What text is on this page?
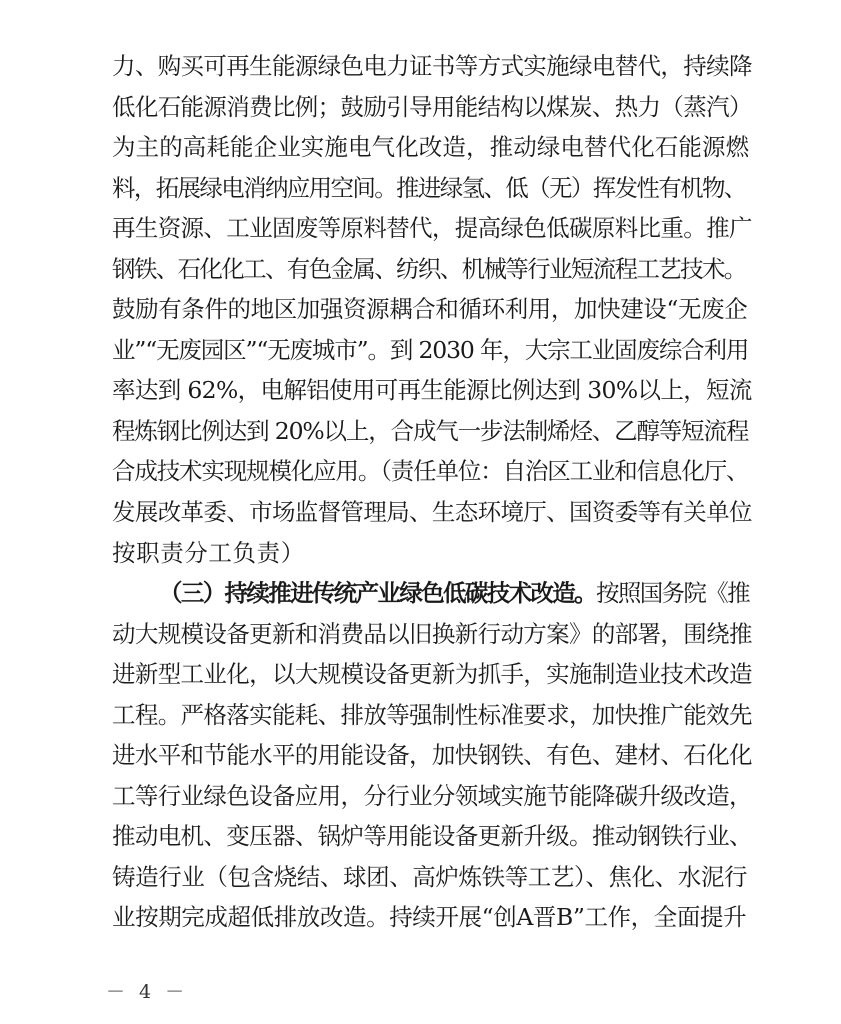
力、购买可再生能源绿色电力证书等方式实施绿电替代，持续降
低化石能源消费比例；鼓励引导用能结构以煤炭、热力（蒸汽）
为主的高耗能企业实施电气化改造，推动绿电替代化石能源燃
料，拓展绿电消纳应用空间。推进绿氢、低（无）挥发性有机物、
再生资源、工业固废等原料替代，提高绿色低碳原料比重。推广
钢铁、石化化工、有色金属、纺织、机械等行业短流程工艺技术。
鼓励有条件的地区加强资源耦合和循环利用，加快建设“无废企
业”“无废园区”“无废城市”。到 2030 年，大宗工业固废综合利用
率达到 62%，电解铝使用可再生能源比例达到 30%以上，短流
程炼钢比例达到 20%以上，合成气一步法制烯烃、乙醇等短流程
合成技术实现规模化应用。（责任单位：自治区工业和信息化厅、
发展改革委、市场监督管理局、生态环境厅、国资委等有关单位
按职责分工负责）
（三）持续推进传统产业绿色低碳技术改造。按照国务院《推
动大规模设备更新和消费品以旧换新行动方案》的部署，围绕推
进新型工业化，以大规模设备更新为抓手，实施制造业技术改造
工程。严格落实能耗、排放等强制性标准要求，加快推广能效先
进水平和节能水平的用能设备，加快钢铁、有色、建材、石化化
工等行业绿色设备应用，分行业分领域实施节能降碳升级改造，
推动电机、变压器、锅炉等用能设备更新升级。推动钢铁行业、
铸造行业（包含烧结、球团、高炉炼铁等工艺）、焦化、水泥行
业按期完成超低排放改造。持续开展“创A晋B”工作，全面提升
－ 4 －
